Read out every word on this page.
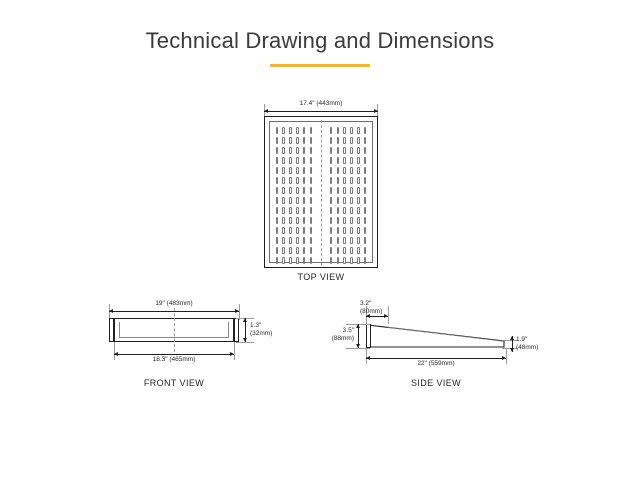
Technical Drawing and Dimensions
17.4" (443mm)
TOP VIEW
19" (483mm)
1.3"
(32mm)
18.3" (465mm)
FRONT VIEW
3.2"
(80mm)
3.5"
(88mm)	1.9"
(48mm)
22" (559mm)
SIDE VIEW
